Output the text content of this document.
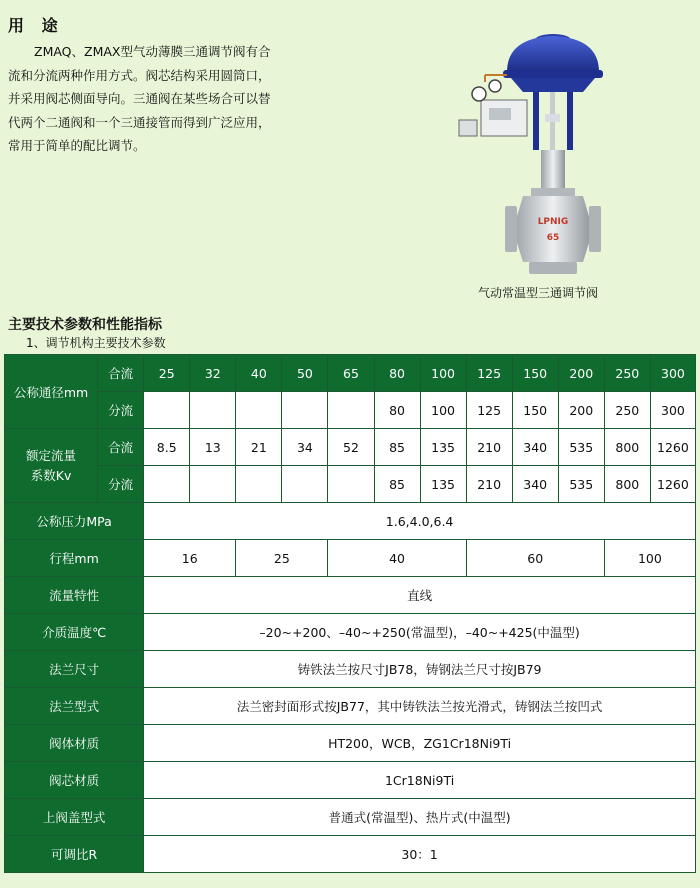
用 途

ZMAQ、ZMAX型气动薄膜三通调节阀有合

流和分流两种作用方式。阀芯结构采用圆筒口，

并采用阀芯侧面导向。三通阀在某些场合可以替

代两个二通阀和一个三通接管而得到广泛应用，

常用于简单的配比调节。

LPNIG
65
气动常温型三通调节阀
主要技术参数和性能指标
1、调节机构主要技术参数
公称通径mm	合流	25	32	40	50	65	80	100	125	150	200	250	300
	分流						80	100	125	150	200	250	300
额定流量
系数Kv	合流	8.5	13	21	34	52	85	135	210	340	535	800	1260
	分流						85	135	210	340	535	800	1260
公称压力MPa		1.6,4.0,6.4											
行程mm		16		25		40			60			100	
流量特性		直线											
介质温度℃		–20~+200、–40~+250(常温型)，–40~+425(中温型)											
法兰尺寸		铸铁法兰按尺寸JB78，铸钢法兰尺寸按JB79											
法兰型式		法兰密封面形式按JB77，其中铸铁法兰按光滑式，铸钢法兰按凹式											
阀体材质		HT200，WCB，ZG1Cr18Ni9Ti											
阀芯材质		1Cr18Ni9Ti											
上阀盖型式		普通式(常温型)、热片式(中温型)											
可调比R		30：1											
